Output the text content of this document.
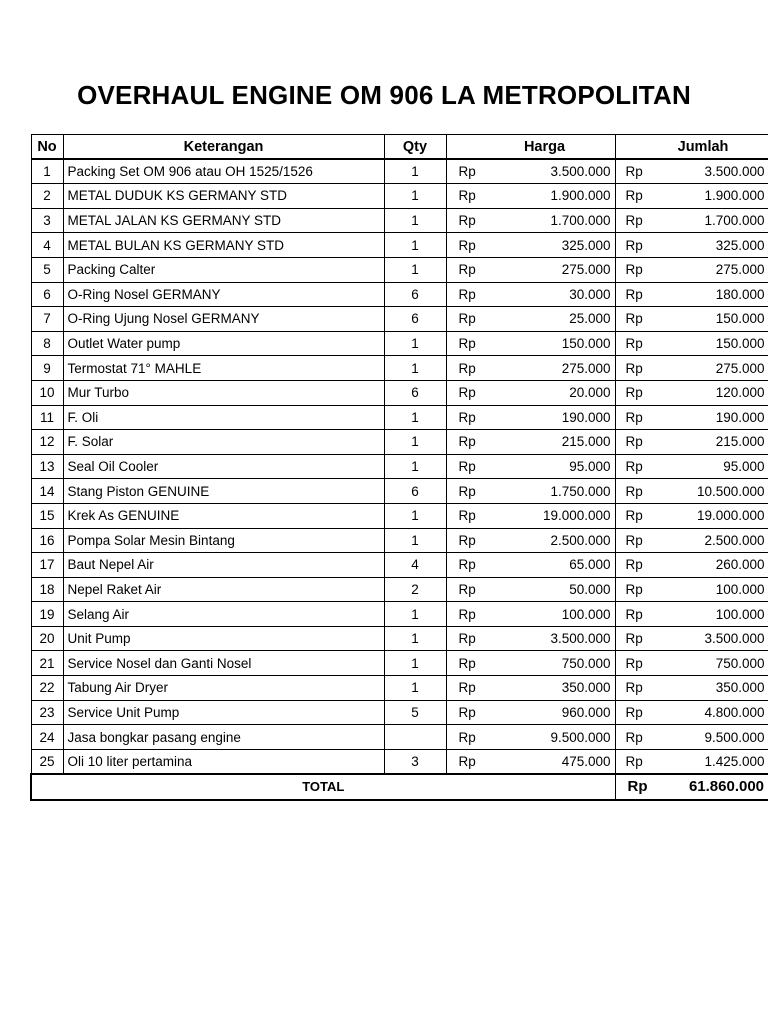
OVERHAUL ENGINE OM 906 LA METROPOLITAN
No	Keterangan	Qty	Harga		Jumlah	
1	Packing Set OM 906 atau OH 1525/1526	1	Rp	3.500.000	Rp	3.500.000
2	METAL DUDUK KS GERMANY STD	1	Rp	1.900.000	Rp	1.900.000
3	METAL JALAN KS GERMANY STD	1	Rp	1.700.000	Rp	1.700.000
4	METAL BULAN KS GERMANY STD	1	Rp	325.000	Rp	325.000
5	Packing Calter	1	Rp	275.000	Rp	275.000
6	O-Ring Nosel GERMANY	6	Rp	30.000	Rp	180.000
7	O-Ring Ujung Nosel GERMANY	6	Rp	25.000	Rp	150.000
8	Outlet Water pump	1	Rp	150.000	Rp	150.000
9	Termostat 71° MAHLE	1	Rp	275.000	Rp	275.000
10	Mur Turbo	6	Rp	20.000	Rp	120.000
11	F. Oli	1	Rp	190.000	Rp	190.000
12	F. Solar	1	Rp	215.000	Rp	215.000
13	Seal Oil Cooler	1	Rp	95.000	Rp	95.000
14	Stang Piston GENUINE	6	Rp	1.750.000	Rp	10.500.000
15	Krek As GENUINE	1	Rp	19.000.000	Rp	19.000.000
16	Pompa Solar Mesin Bintang	1	Rp	2.500.000	Rp	2.500.000
17	Baut Nepel Air	4	Rp	65.000	Rp	260.000
18	Nepel Raket Air	2	Rp	50.000	Rp	100.000
19	Selang Air	1	Rp	100.000	Rp	100.000
20	Unit Pump	1	Rp	3.500.000	Rp	3.500.000
21	Service Nosel dan Ganti Nosel	1	Rp	750.000	Rp	750.000
22	Tabung Air Dryer	1	Rp	350.000	Rp	350.000
23	Service Unit Pump	5	Rp	960.000	Rp	4.800.000
24	Jasa bongkar pasang engine		Rp	9.500.000	Rp	9.500.000
25	Oli 10 liter pertamina	3	Rp	475.000	Rp	1.425.000
TOTAL					Rp	61.860.000
